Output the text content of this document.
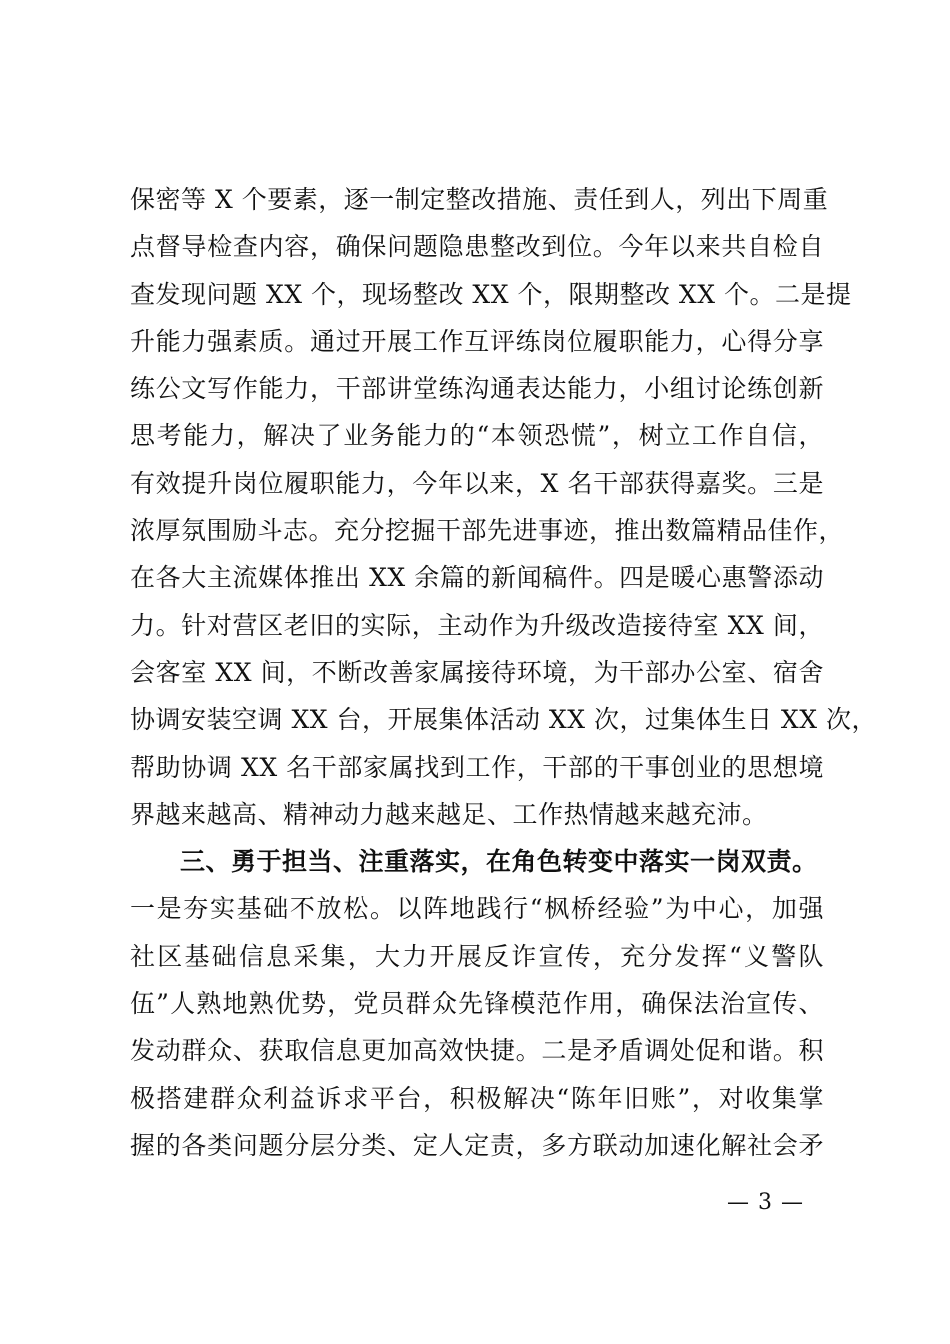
保密等 X 个要素，逐一制定整改措施、责任到人，列出下周重
点督导检查内容，确保问题隐患整改到位。今年以来共自检自
查发现问题 XX 个，现场整改 XX 个，限期整改 XX 个。二是提
升能力强素质。通过开展工作互评练岗位履职能力，心得分享
练公文写作能力，干部讲堂练沟通表达能力，小组讨论练创新
思考能力，解决了业务能力的“本领恐慌”，树立工作自信，
有效提升岗位履职能力，今年以来，X 名干部获得嘉奖。三是
浓厚氛围励斗志。充分挖掘干部先进事迹，推出数篇精品佳作，
在各大主流媒体推出 XX 余篇的新闻稿件。四是暖心惠警添动
力。针对营区老旧的实际，主动作为升级改造接待室 XX 间，
会客室 XX 间，不断改善家属接待环境，为干部办公室、宿舍
协调安装空调 XX 台，开展集体活动 XX 次，过集体生日 XX 次，
帮助协调 XX 名干部家属找到工作，干部的干事创业的思想境
界越来越高、精神动力越来越足、工作热情越来越充沛。
三、勇于担当、注重落实，在角色转变中落实一岗双责。
一是夯实基础不放松。以阵地践行“枫桥经验”为中心，加强
社区基础信息采集，大力开展反诈宣传，充分发挥“义警队
伍”人熟地熟优势，党员群众先锋模范作用，确保法治宣传、
发动群众、获取信息更加高效快捷。二是矛盾调处促和谐。积
极搭建群众利益诉求平台，积极解决“陈年旧账”，对收集掌
握的各类问题分层分类、定人定责，多方联动加速化解社会矛
— 3 —
